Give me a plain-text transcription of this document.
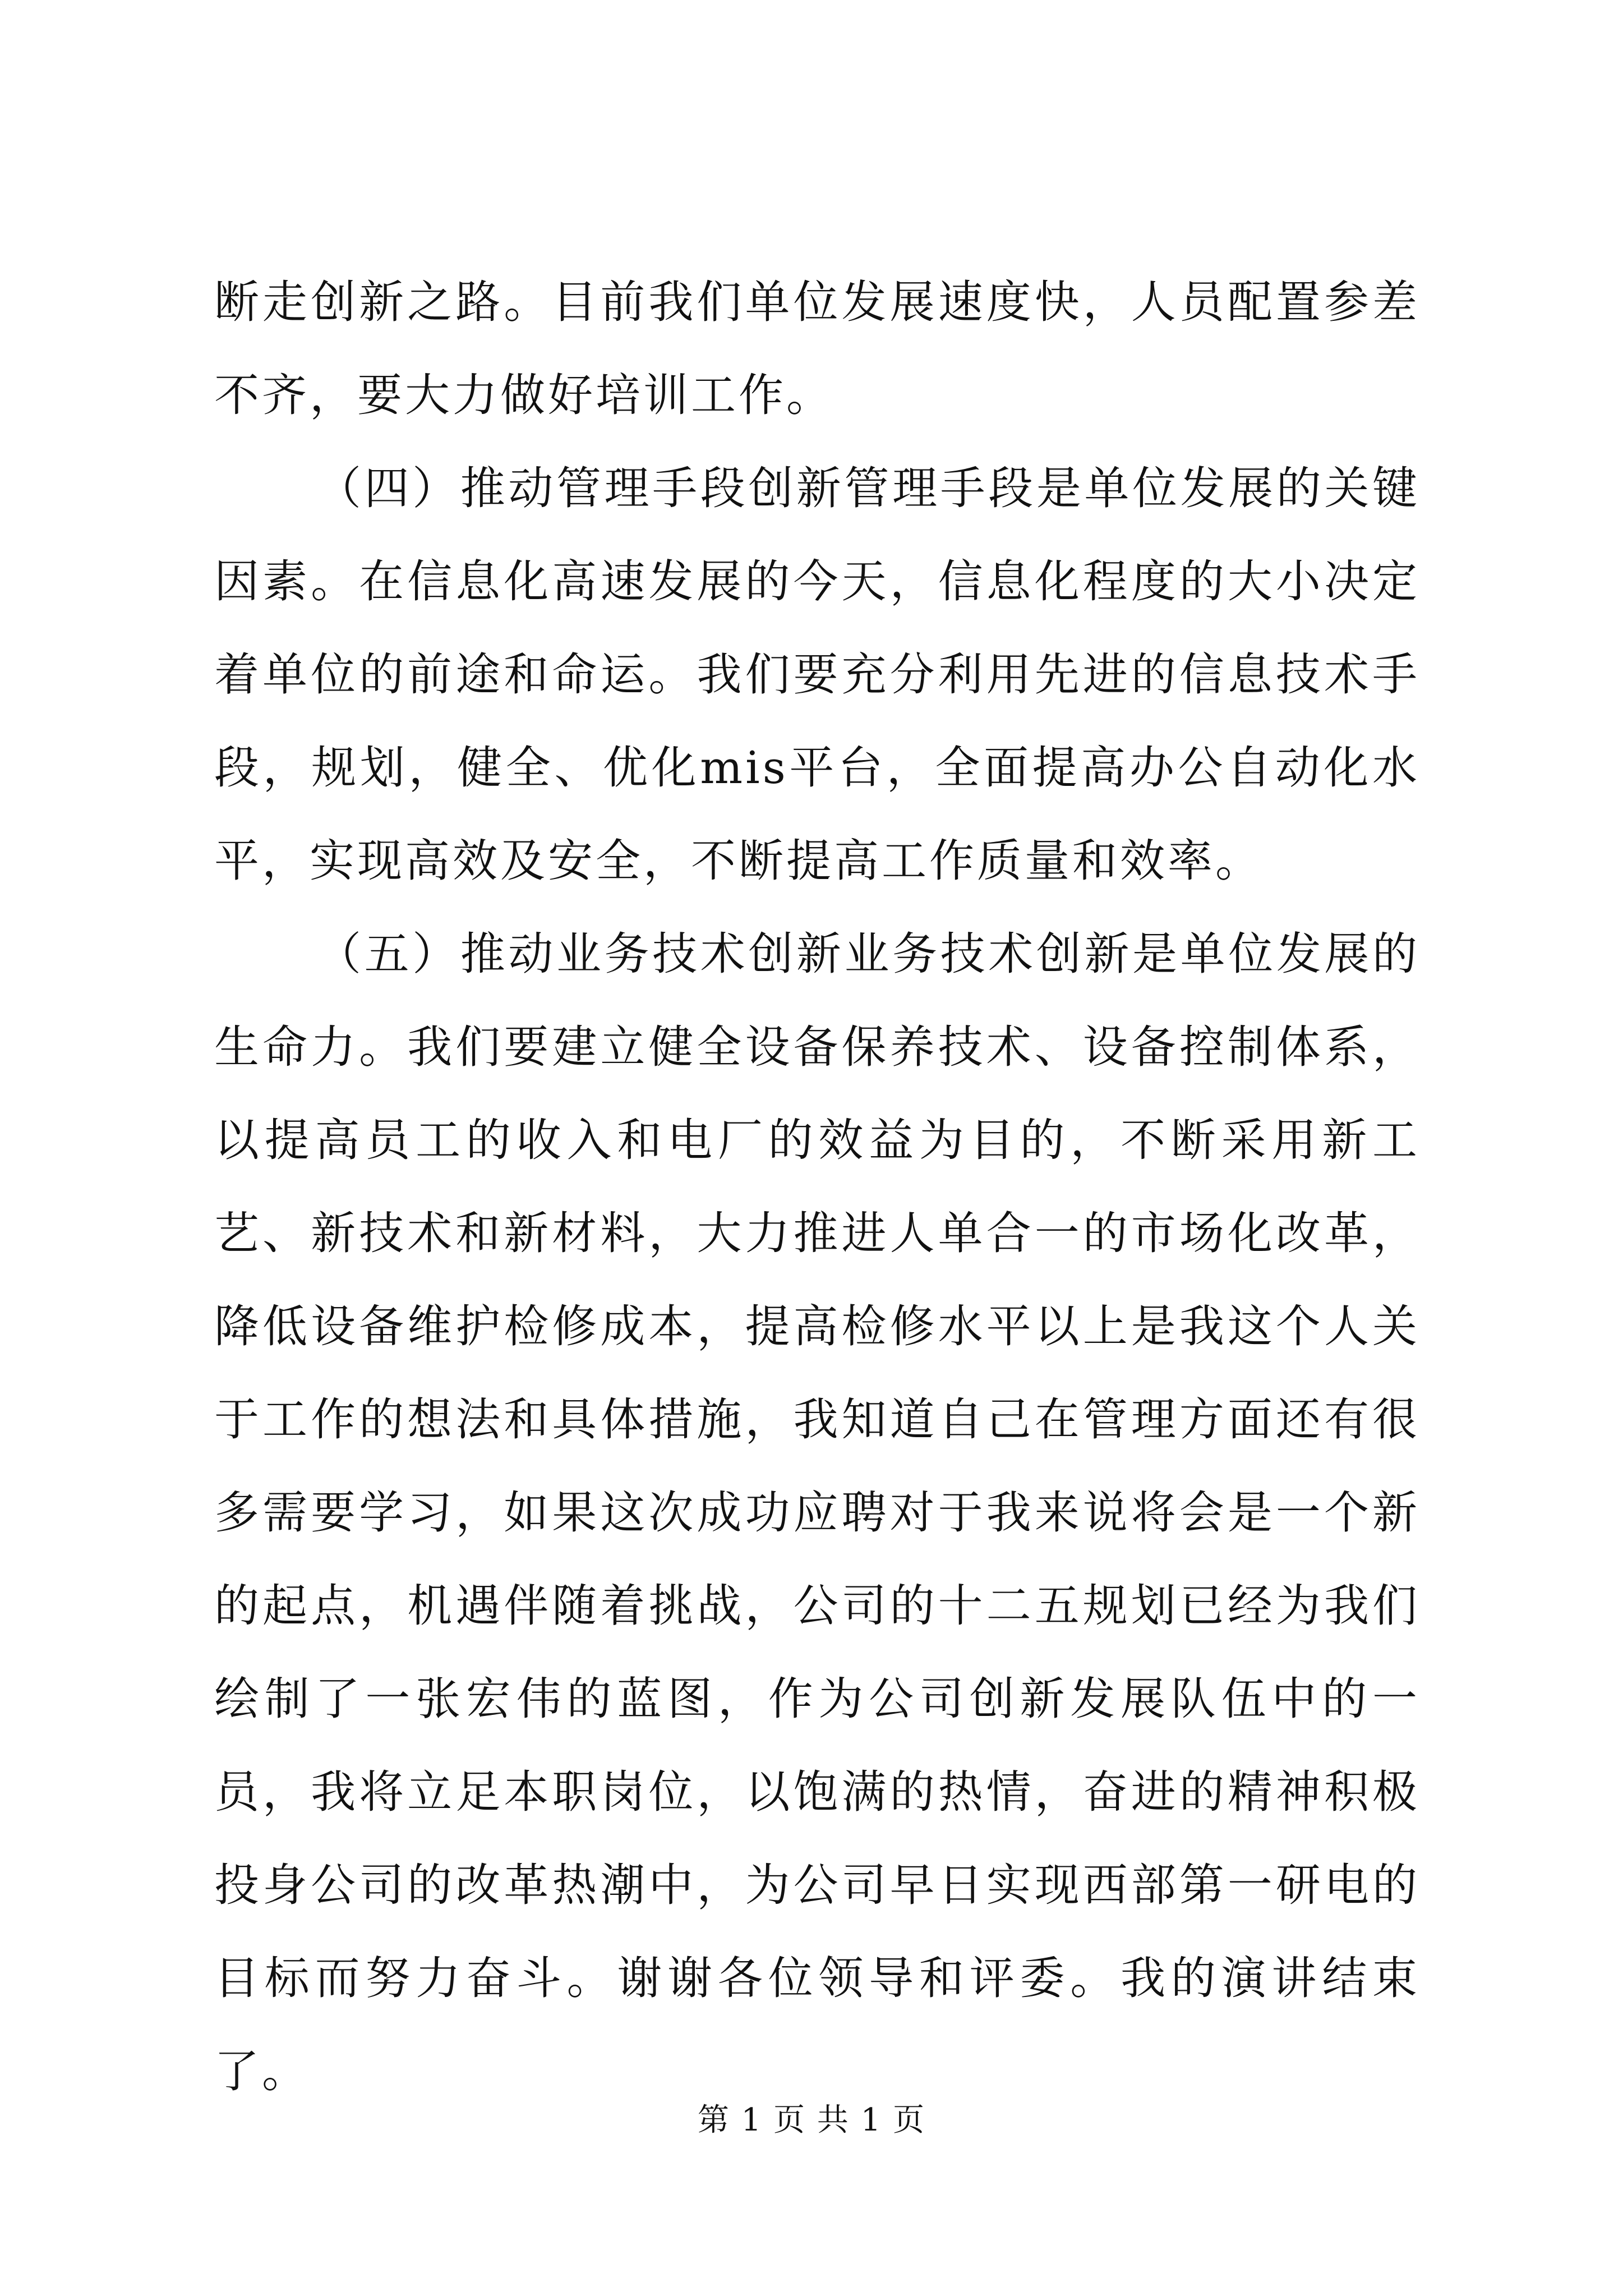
断走创新之路。目前我们单位发展速度快，人员配置参差不齐，要大力做好培训工作。

（四）推动管理手段创新管理手段是单位发展的关键因素。在信息化高速发展的今天，信息化程度的大小决定着单位的前途和命运。我们要充分利用先进的信息技术手段，规划，健全、优化mis平台，全面提高办公自动化水平，实现高效及安全，不断提高工作质量和效率。

（五）推动业务技术创新业务技术创新是单位发展的生命力。我们要建立健全设备保养技术、设备控制体系，以提高员工的收入和电厂的效益为目的，不断采用新工艺、新技术和新材料，大力推进人单合一的市场化改革，降低设备维护检修成本，提高检修水平以上是我这个人关于工作的想法和具体措施，我知道自己在管理方面还有很多需要学习，如果这次成功应聘对于我来说将会是一个新的起点，机遇伴随着挑战，公司的十二五规划已经为我们绘制了一张宏伟的蓝图，作为公司创新发展队伍中的一员，我将立足本职岗位，以饱满的热情，奋进的精神积极投身公司的改革热潮中，为公司早日实现西部第一研电的目标而努力奋斗。谢谢各位领导和评委。我的演讲结束了。

第 1 页 共 1 页
